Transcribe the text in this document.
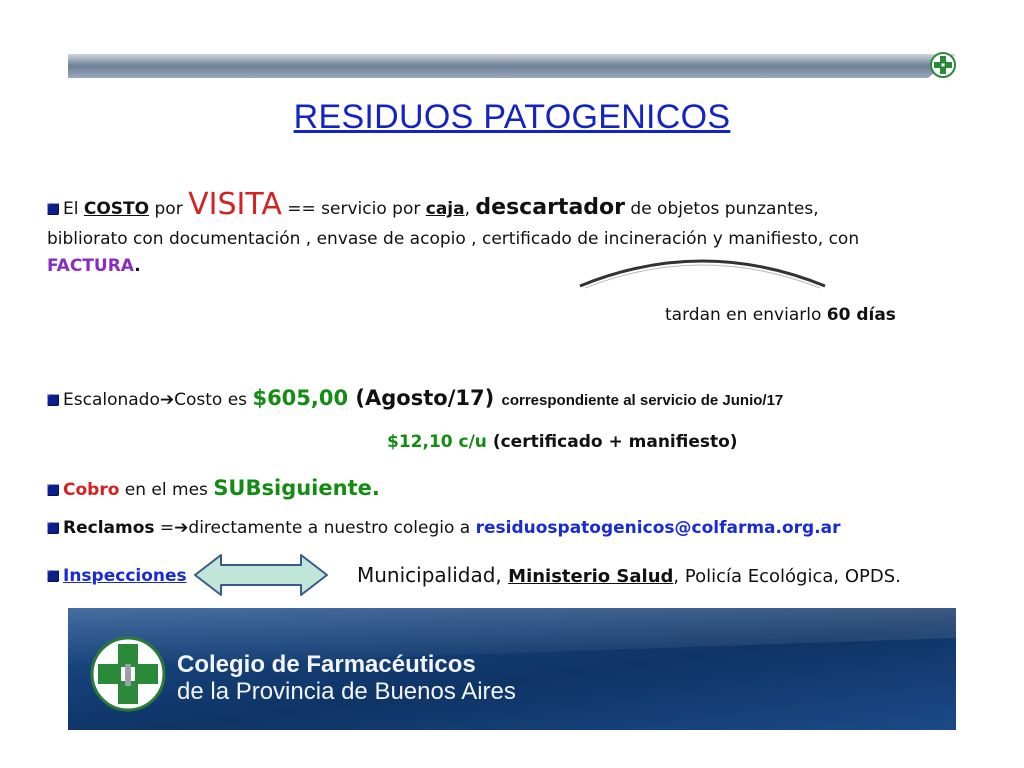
RESIDUOS PATOGENICOS
El COSTO por VISITA == servicio por caja, descartador de objetos punzantes,
bibliorato con documentación , envase de acopio , certificado de incineración y manifiesto, con
FACTURA.
tardan en enviarlo 60 días
Escalonado➔Costo es $605,00 (Agosto/17) correspondiente al servicio de Junio/17
$12,10 c/u (certificado + manifiesto)
Cobro en el mes SUBsiguiente.
Reclamos =➔directamente a nuestro colegio a residuospatogenicos@colfarma.org.ar
Inspecciones	Municipalidad, Ministerio Salud, Policía Ecológica, OPDS.
Colegio de Farmacéuticos
de la Provincia de Buenos Aires
